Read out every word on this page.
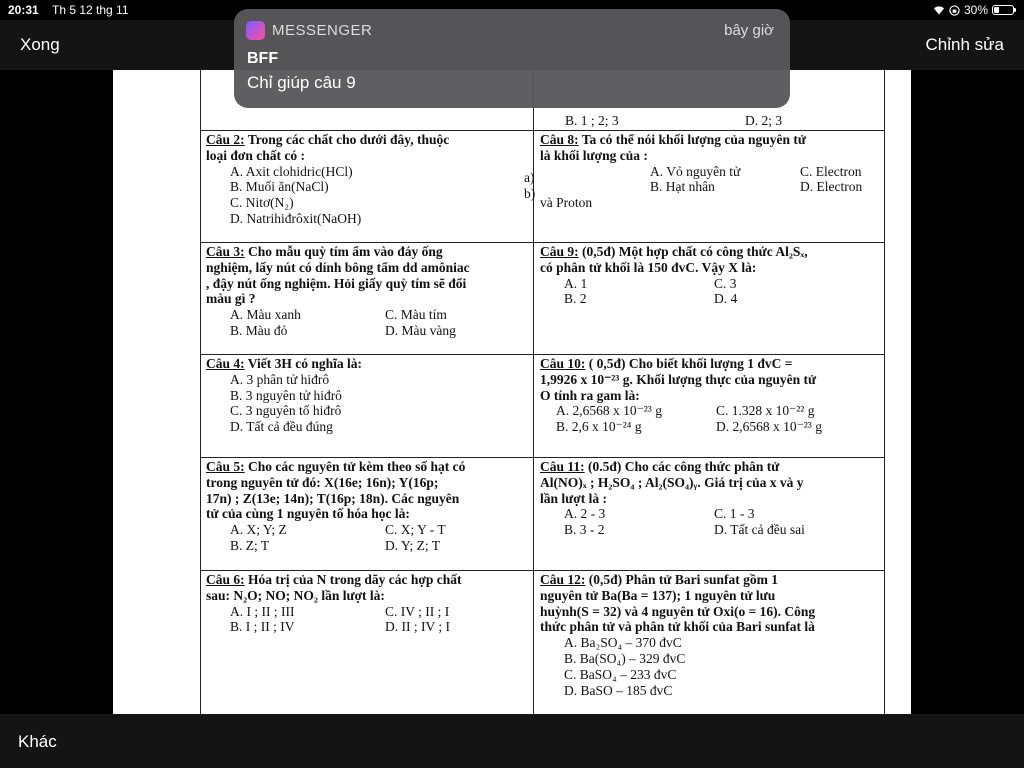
20:31 Th 5 12 thg 11	30%
Xong	Chỉnh sửa
B. 1 ; 2; 3	D. 2; 3
Câu 2: Trong các chất cho dưới đây, thuộc
loại đơn chất có :
A. Axit clohidric(HCl)
B. Muối ăn(NaCl)
C. Nitơ(N₂)
D. Natrihiđrôxit(NaOH)
a)
b)
Câu 8: Ta có thể nói khối lượng của nguyên tử
là khối lượng của :
A. Vỏ nguyên tử	C. Electron
B. Hạt nhân	D. Electron
và Proton
Câu 3: Cho mẫu quỳ tím ẩm vào đáy ống
nghiệm, lấy nút có dính bông tẩm dd amôniac
, đậy nút ống nghiệm. Hỏi giấy quỳ tím sẽ đổi
màu gì ?
A. Màu xanh	C. Màu tím
B. Màu đỏ	D. Màu vàng
Câu 9: (0,5đ) Một hợp chất có công thức Al₂Sₓ,
có phân tử khối là 150 đvC. Vậy X là:
A. 1	C. 3
B. 2	D. 4
Câu 4: Viết 3H có nghĩa là:
A. 3 phân tử hiđrô
B. 3 nguyên tử hiđrô
C. 3 nguyên tố hiđrô
D. Tất cả đều đúng
Câu 10: ( 0,5đ) Cho biết khối lượng 1 đvC =
1,9926 x 10⁻²³ g. Khối lượng thực của nguyên tử
O tính ra gam là:
A. 2,6568 x 10⁻²³ g	C. 1.328 x 10⁻²² g
B. 2,6 x 10⁻²⁴ g	D. 2,6568 x 10⁻²³ g
Câu 5: Cho các nguyên tử kèm theo số hạt có
trong nguyên tử đó: X(16e; 16n); Y(16p;
17n) ; Z(13e; 14n); T(16p; 18n). Các nguyên
tử của cùng 1 nguyên tố hóa học là:
A. X; Y; Z	C. X; Y - T
B. Z; T	D. Y; Z; T
Câu 11: (0.5đ) Cho các công thức phân tử
Al(NO)ₓ ; H₂SO₄ ; Al₂(SO₄)ᵧ. Giá trị của x và y
lần lượt là :
A. 2 - 3	C. 1 - 3
B. 3 - 2	D. Tất cả đều sai
Câu 6: Hóa trị của N trong dãy các hợp chất
sau: N₂O; NO; NO₂ lần lượt là:
A. I ; II ; III	C. IV ; II ; I
B. I ; II ; IV	D. II ; IV ; I
Câu 12: (0,5đ) Phân tử Bari sunfat gồm 1
nguyên tử Ba(Ba = 137); 1 nguyên tử lưu
huỳnh(S = 32) và 4 nguyên tử Oxi(o = 16). Công
thức phân tử và phân tử khối của Bari sunfat là
A. Ba₂SO₄ – 370 đvC
B. Ba(SO₄) – 329 đvC
C. BaSO₄ – 233 đvC
D. BaSO – 185 đvC
Khác
MESSENGER	bây giờ
BFF
Chỉ giúp câu 9
